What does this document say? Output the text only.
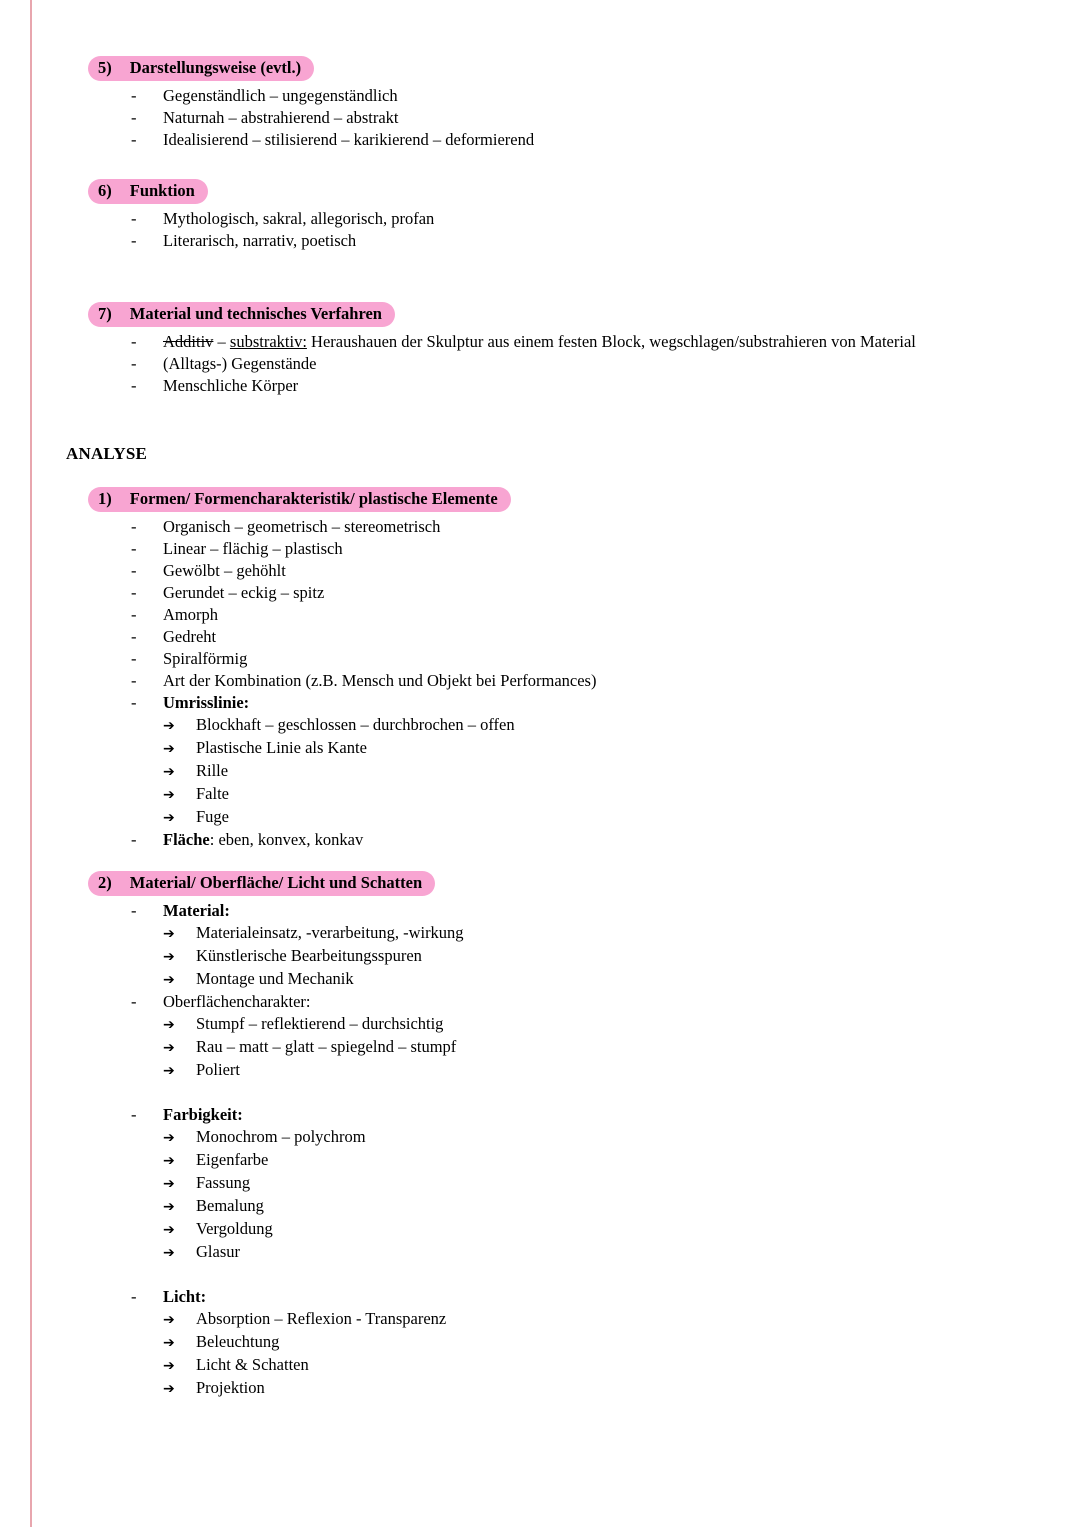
5) Darstellungsweise (evtl.)
-	Gegenständlich – ungegenständlich
-	Naturnah – abstrahierend – abstrakt
-	Idealisierend – stilisierend – karikierend – deformierend
6) Funktion
-	Mythologisch, sakral, allegorisch, profan
-	Literarisch, narrativ, poetisch
7) Material und technisches Verfahren
-	Additiv – substraktiv: Heraushauen der Skulptur aus einem festen Block, wegschlagen/substrahieren von Material
-	(Alltags-) Gegenstände
-	Menschliche Körper
ANALYSE
1) Formen/ Formencharakteristik/ plastische Elemente
-	Organisch – geometrisch – stereometrisch
-	Linear – flächig – plastisch
-	Gewölbt – gehöhlt
-	Gerundet – eckig – spitz
-	Amorph
-	Gedreht
-	Spiralförmig
-	Art der Kombination (z.B. Mensch und Objekt bei Performances)
-	Umrisslinie:
➔	Blockhaft – geschlossen – durchbrochen – offen
➔	Plastische Linie als Kante
➔	Rille
➔	Falte
➔	Fuge
-	Fläche: eben, konvex, konkav
2) Material/ Oberfläche/ Licht und Schatten
-	Material:
➔	Materialeinsatz, -verarbeitung, -wirkung
➔	Künstlerische Bearbeitungsspuren
➔	Montage und Mechanik
-	Oberflächencharakter:
➔	Stumpf – reflektierend – durchsichtig
➔	Rau – matt – glatt – spiegelnd – stumpf
➔	Poliert
-	Farbigkeit:
➔	Monochrom – polychrom
➔	Eigenfarbe
➔	Fassung
➔	Bemalung
➔	Vergoldung
➔	Glasur
-	Licht:
➔	Absorption – Reflexion - Transparenz
➔	Beleuchtung
➔	Licht & Schatten
➔	Projektion
